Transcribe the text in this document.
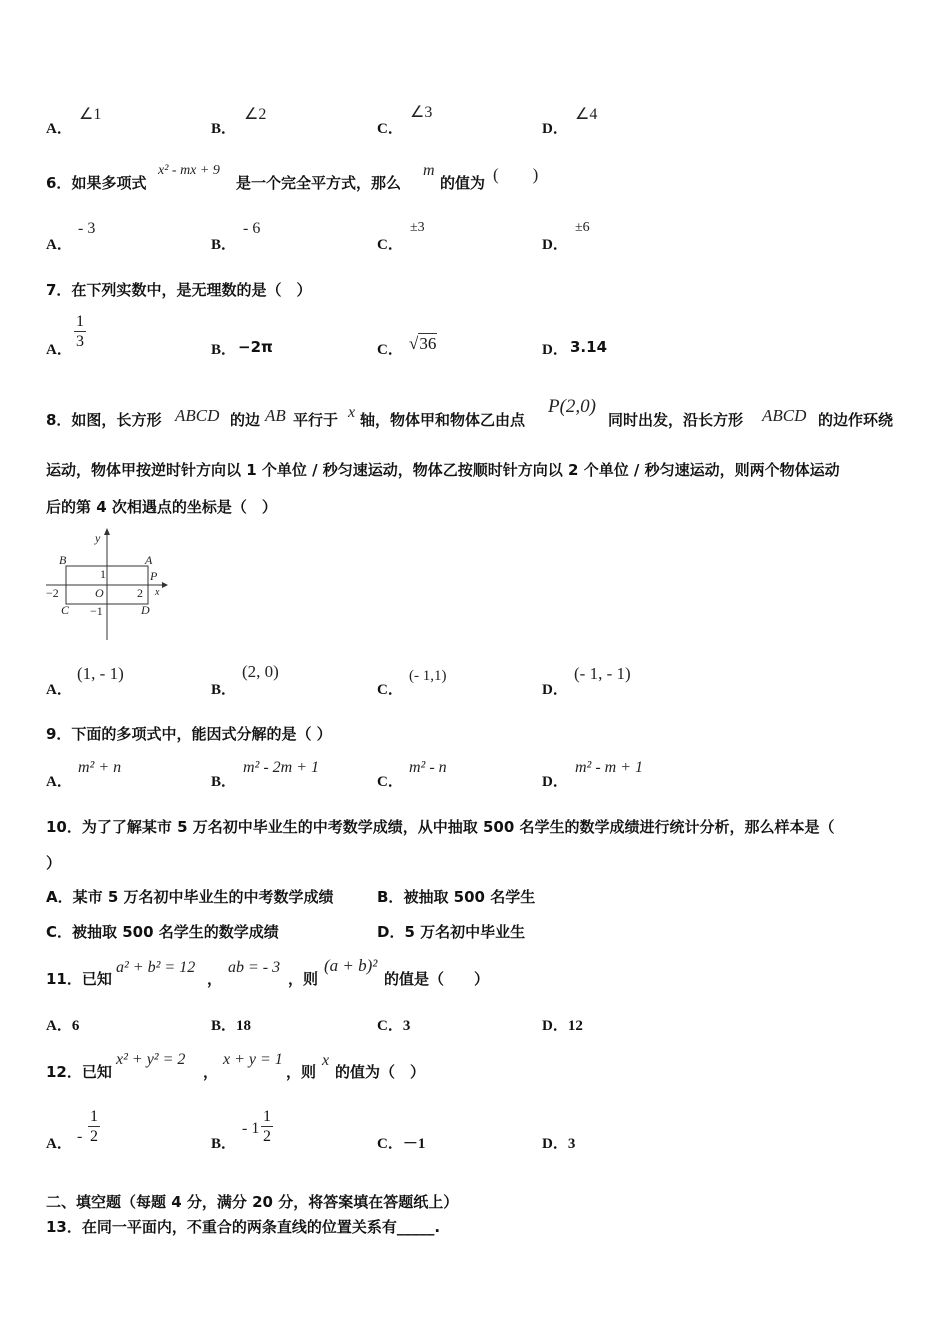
A．
∠1
B．
∠2
C．
∠3
D．
∠4
6．如果多项式
x² - mx + 9
是一个完全平方式，那么
m
的值为 (　　)
A．
- 3
B．
- 6
C．
±3
D．
±6
7．在下列实数中，是无理数的是（　）
A． $\frac{1}{3}$	B． −2π	C． √36	D． 3.14
8．如图，长方形 ABCD 的边 AB 平行于 x 轴，物体甲和物体乙由点
P(2,0)
同时出发，沿长方形 ABCD 的边作环绕
运动，物体甲按逆时针方向以 1 个单位 / 秒匀速运动，物体乙按顺时针方向以 2 个单位 / 秒匀速运动，则两个物体运动
后的第 4 次相遇点的坐标是（　）
y
B	A
1	P
x
−2	O	2
C −1	D
A．
(1, - 1)
B．
(2, 0)
C．
(- 1,1)
D．
(- 1, - 1)
9．下面的多项式中，能因式分解的是（ ）
A．
m² + n
B．
m² - 2m + 1
C．
m² - n
D．
m² - m + 1
10．为了了解某市 5 万名初中毕业生的中考数学成绩，从中抽取 500 名学生的数学成绩进行统计分析，那么样本是（
）
A．某市 5 万名初中毕业生的中考数学成绩	B．被抽取 500 名学生
C．被抽取 500 名学生的数学成绩	D．5 万名初中毕业生
11．已知
a² + b² = 12
，
ab = - 3
，则
(a + b)²
的值是（　　）
A．6	B．18	C．3	D．12
12．已知
x² + y² = 2
，
x + y = 1
，则
x
的值为（　）
A． - $\frac{1}{2}$	B．
- $1 \frac{1}{2}$	C．－1	D．3
二、填空题（每题 4 分，满分 20 分，将答案填在答题纸上）
13．在同一平面内，不重合的两条直线的位置关系有_____.
